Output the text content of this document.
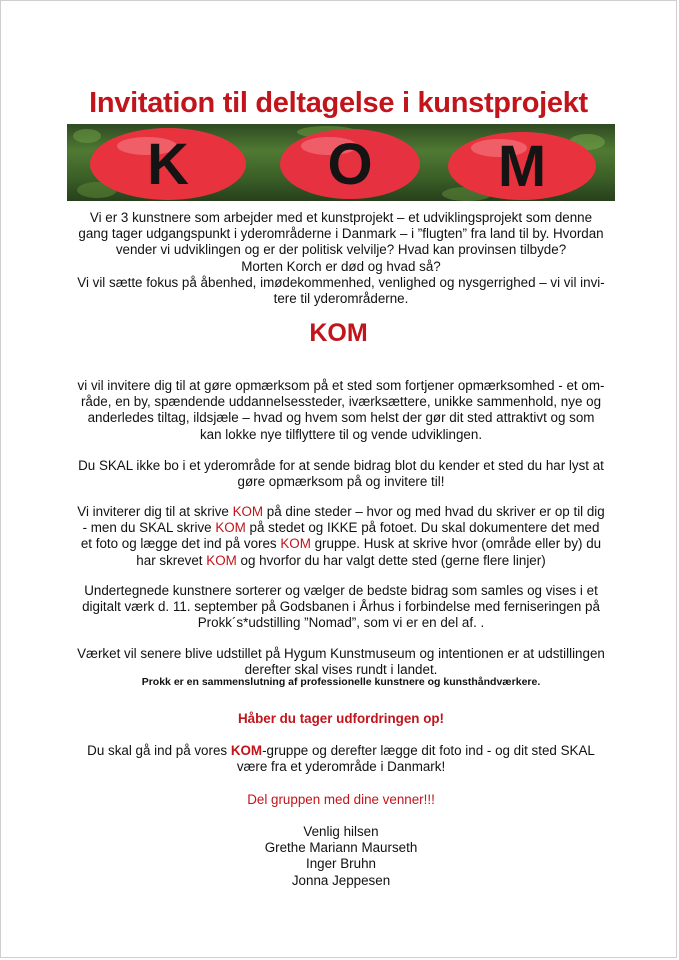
Invitation til deltagelse i kunstprojekt
K O M
Vi er 3 kunstnere som arbejder med et kunstprojekt – et udviklingsprojekt som denne
gang tager udgangspunkt i yderområderne i Danmark – i ”flugten” fra land til by. Hvordan
vender vi udviklingen og er der politisk velvilje? Hvad kan provinsen tilbyde?
Morten Korch er død og hvad så?
Vi vil sætte fokus på åbenhed, imødekommenhed, venlighed og nysgerrighed – vi vil invi-
tere til yderområderne.
KOM
vi vil invitere dig til at gøre opmærksom på et sted som fortjener opmærksomhed - et om-
råde, en by, spændende uddannelsessteder, iværksættere, unikke sammenhold, nye og
anderledes tiltag, ildsjæle – hvad og hvem som helst der gør dit sted attraktivt og som
kan lokke nye tilflyttere til og vende udviklingen.
Du SKAL ikke bo i et yderområde for at sende bidrag blot du kender et sted du har lyst at
gøre opmærksom på og invitere til!
Vi inviterer dig til at skrive KOM på dine steder – hvor og med hvad du skriver er op til dig
- men du SKAL skrive KOM på stedet og IKKE på fotoet. Du skal dokumentere det med
et foto og lægge det ind på vores KOM gruppe. Husk at skrive hvor (område eller by) du
har skrevet KOM og hvorfor du har valgt dette sted (gerne flere linjer)
Undertegnede kunstnere sorterer og vælger de bedste bidrag som samles og vises i et
digitalt værk d. 11. september på Godsbanen i Århus i forbindelse med ferniseringen på
Prokk´s*udstilling ”Nomad”, som vi er en del af. .
Værket vil senere blive udstillet på Hygum Kunstmuseum og intentionen er at udstillingen
derefter skal vises rundt i landet.
Prokk er en sammenslutning af professionelle kunstnere og kunsthåndværkere.
Håber du tager udfordringen op!
Du skal gå ind på vores KOM-gruppe og derefter lægge dit foto ind - og dit sted SKAL
være fra et yderområde i Danmark!
Del gruppen med dine venner!!!
Venlig hilsen
Grethe Mariann Maurseth
Inger Bruhn
Jonna Jeppesen
